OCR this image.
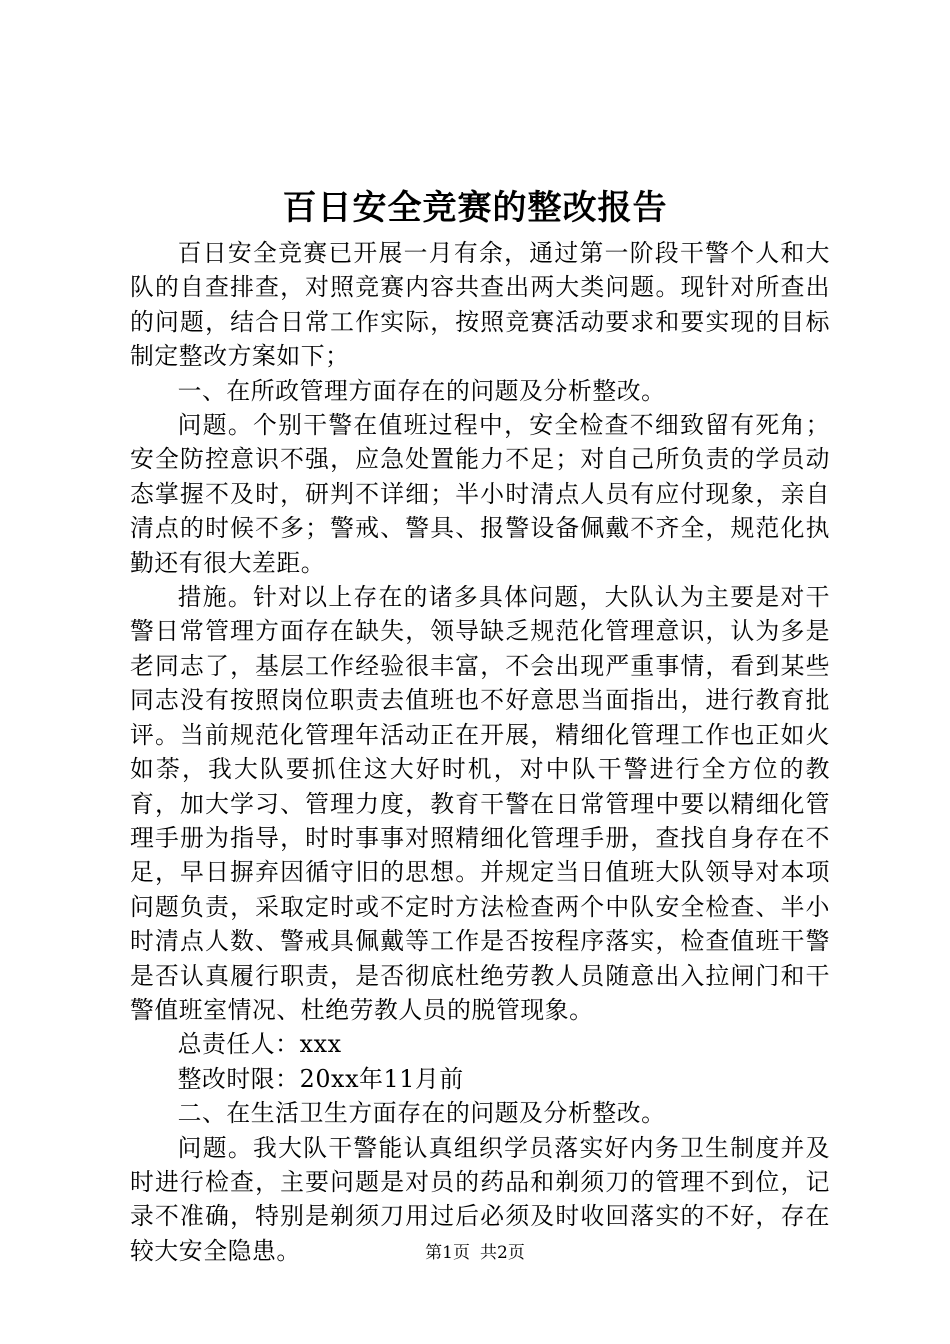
百日安全竞赛的整改报告

百日安全竞赛已开展一月有余，通过第一阶段干警个人和大队的自查排查，对照竞赛内容共查出两大类问题。现针对所查出的问题，结合日常工作实际，按照竞赛活动要求和要实现的目标制定整改方案如下；

一、在所政管理方面存在的问题及分析整改。

问题。个别干警在值班过程中，安全检查不细致留有死角；安全防控意识不强，应急处置能力不足；对自己所负责的学员动态掌握不及时，研判不详细；半小时清点人员有应付现象，亲自清点的时候不多；警戒、警具、报警设备佩戴不齐全，规范化执勤还有很大差距。

措施。针对以上存在的诸多具体问题，大队认为主要是对干警日常管理方面存在缺失，领导缺乏规范化管理意识，认为多是老同志了，基层工作经验很丰富，不会出现严重事情，看到某些同志没有按照岗位职责去值班也不好意思当面指出，进行教育批评。当前规范化管理年活动正在开展，精细化管理工作也正如火如荼，我大队要抓住这大好时机，对中队干警进行全方位的教育，加大学习、管理力度，教育干警在日常管理中要以精细化管理手册为指导，时时事事对照精细化管理手册，查找自身存在不足，早日摒弃因循守旧的思想。并规定当日值班大队领导对本项问题负责，采取定时或不定时方法检查两个中队安全检查、半小时清点人数、警戒具佩戴等工作是否按程序落实，检查值班干警是否认真履行职责，是否彻底杜绝劳教人员随意出入拉闸门和干警值班室情况、杜绝劳教人员的脱管现象。

总责任人：xxx

整改时限：20xx年11月前

二、在生活卫生方面存在的问题及分析整改。

问题。我大队干警能认真组织学员落实好内务卫生制度并及时进行检查，主要问题是对员的药品和剃须刀的管理不到位，记录不准确，特别是剃须刀用过后必须及时收回落实的不好，存在较大安全隐患。	第1页 共2页
